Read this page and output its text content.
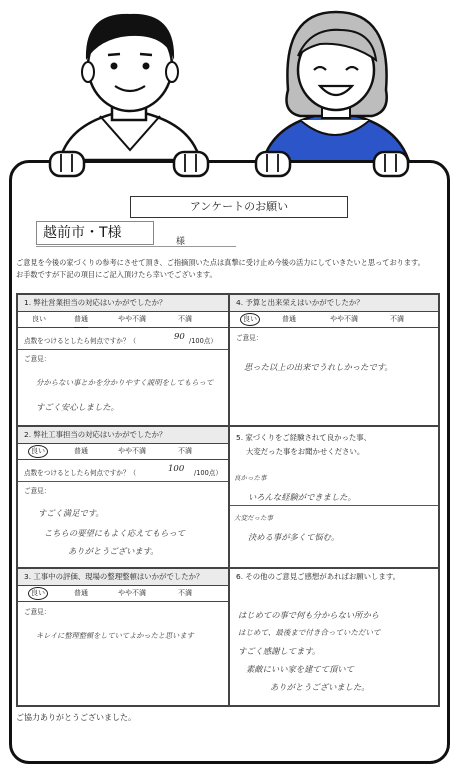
アンケートのお願い
越前市・T様
様
ご意見を今後の家づくりの参考にさせて頂き、ご指摘頂いた点は真摯に受け止め今後の活力にしていきたいと思っております。
お手数ですが下記の項目にご記入頂けたら幸いでございます。
1. 弊社営業担当の対応はいかがでしたか？
良い	普通	やや不満	不満
点数をつけるとしたら何点ですか？（	90 /100点）
ご意見：
分からない事とかを分かりやすく説明をしてもらって
すごく安心しました。
4. 予算と出来栄えはいかがでしたか？
良い	普通	やや不満	不満
ご意見：
思った以上の出来でうれしかったです。
2. 弊社工事担当の対応はいかがでしたか？
良い	普通	やや不満	不満
点数をつけるとしたら何点ですか？（	100 /100点）
ご意見：
すごく満足です。
こちらの要望にもよく応えてもらって
ありがとうございます。
5. 家づくりをご経験されて良かった事、
大変だった事をお聞かせください。
良かった事
いろんな経験ができました。
大変だった事
決める事が多くて悩む。
3. 工事中の評価、現場の整理整頓はいかがでしたか？
良い	普通	やや不満	不満
ご意見：
キレイに整理整頓をしていてよかったと思います
6. その他のご意見ご感想があればお願いします。
はじめての事で何も分からない所から
はじめて、最後まで付き合っていただいて
すごく感謝してます。
素敵にいい家を建てて頂いて
ありがとうございました。
ご協力ありがとうございました。
